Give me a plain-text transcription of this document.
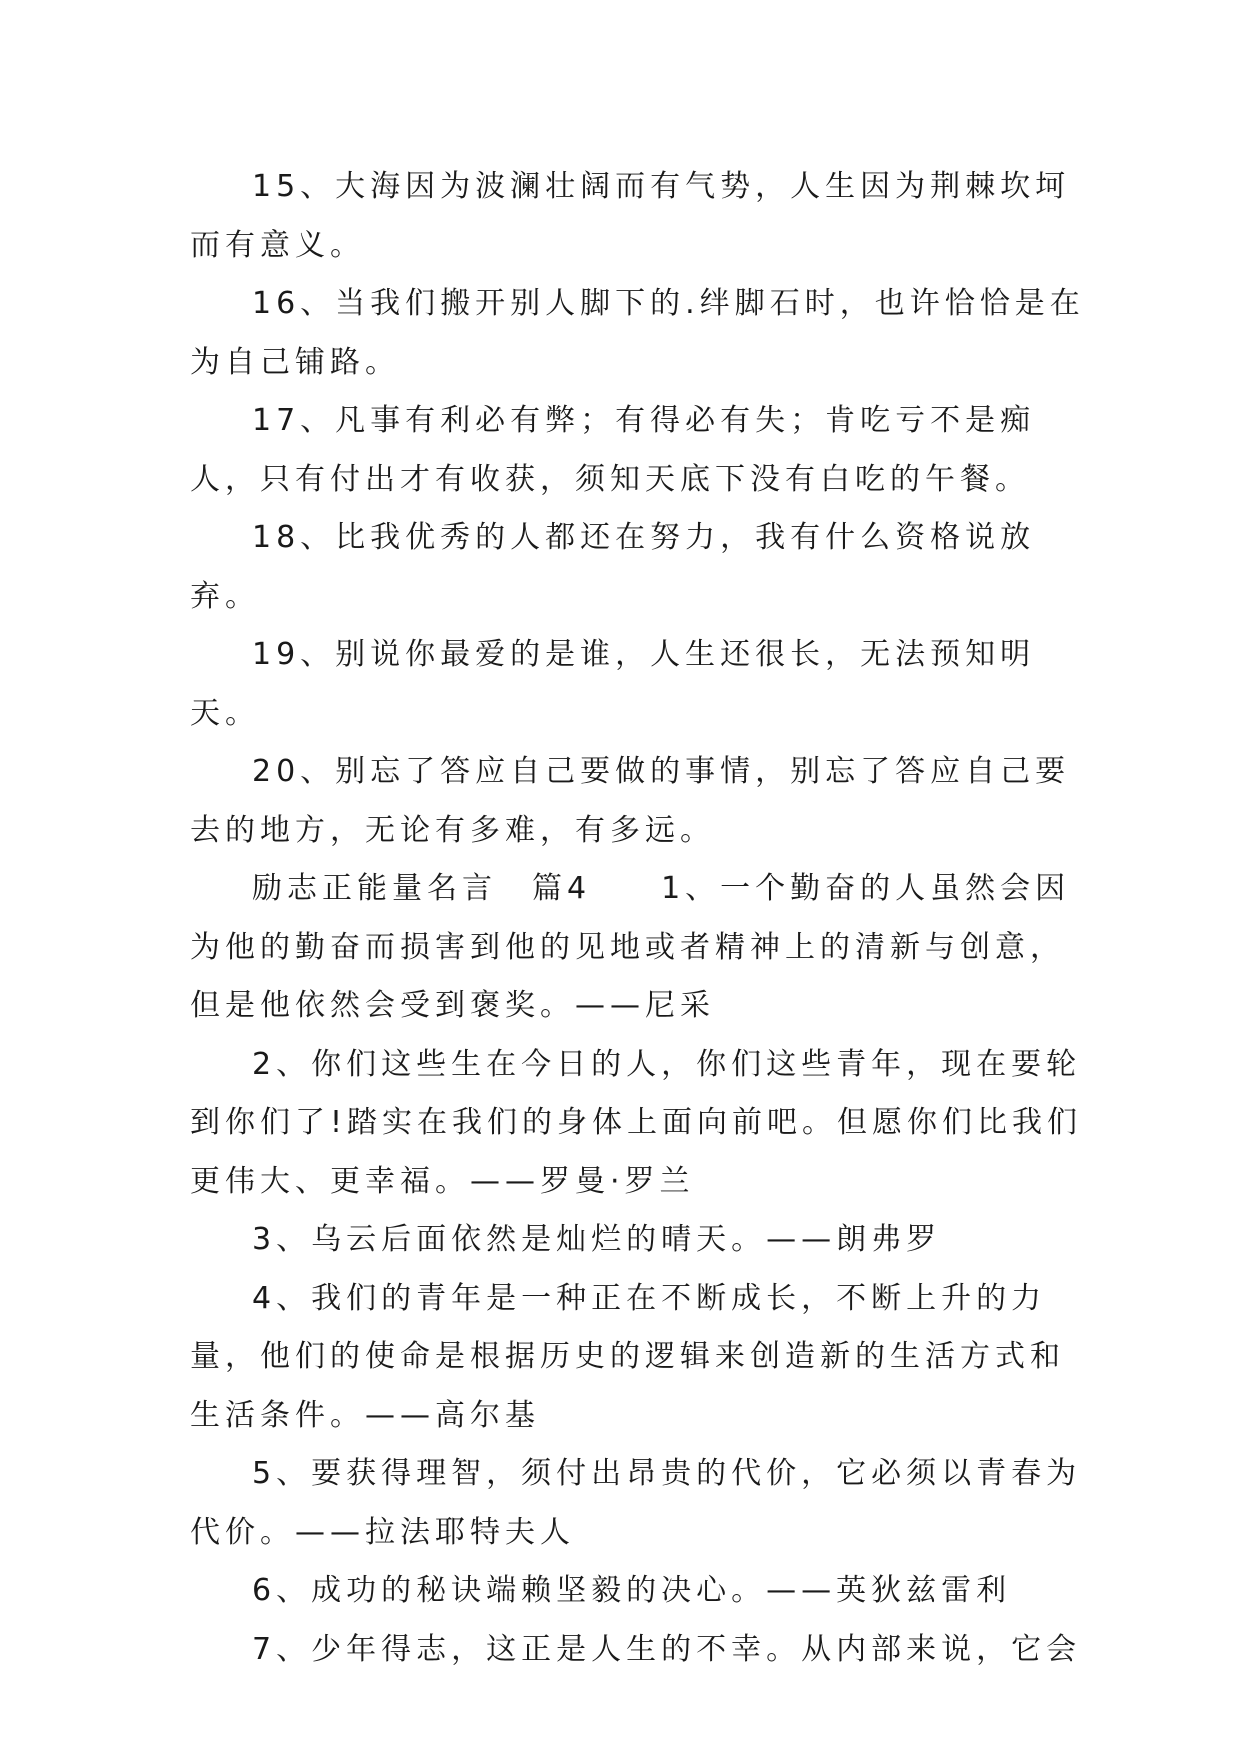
15、大海因为波澜壮阔而有气势，人生因为荆棘坎坷而有意义。

16、当我们搬开别人脚下的.绊脚石时，也许恰恰是在为自己铺路。

17、凡事有利必有弊；有得必有失；肯吃亏不是痴人，只有付出才有收获，须知天底下没有白吃的午餐。

18、比我优秀的人都还在努力，我有什么资格说放弃。

19、别说你最爱的是谁，人生还很长，无法预知明天。

20、别忘了答应自己要做的事情，别忘了答应自己要去的地方，无论有多难，有多远。

励志正能量名言　篇4　　1、一个勤奋的人虽然会因为他的勤奋而损害到他的见地或者精神上的清新与创意，但是他依然会受到褒奖。——尼采

2、你们这些生在今日的人，你们这些青年，现在要轮到你们了!踏实在我们的身体上面向前吧。但愿你们比我们更伟大、更幸福。——罗曼·罗兰

3、乌云后面依然是灿烂的晴天。——朗弗罗

4、我们的青年是一种正在不断成长，不断上升的力量，他们的使命是根据历史的逻辑来创造新的生活方式和生活条件。——高尔基

5、要获得理智，须付出昂贵的代价，它必须以青春为代价。——拉法耶特夫人

6、成功的秘诀端赖坚毅的决心。——英狄兹雷利

7、少年得志，这正是人生的不幸。从内部来说，它会
